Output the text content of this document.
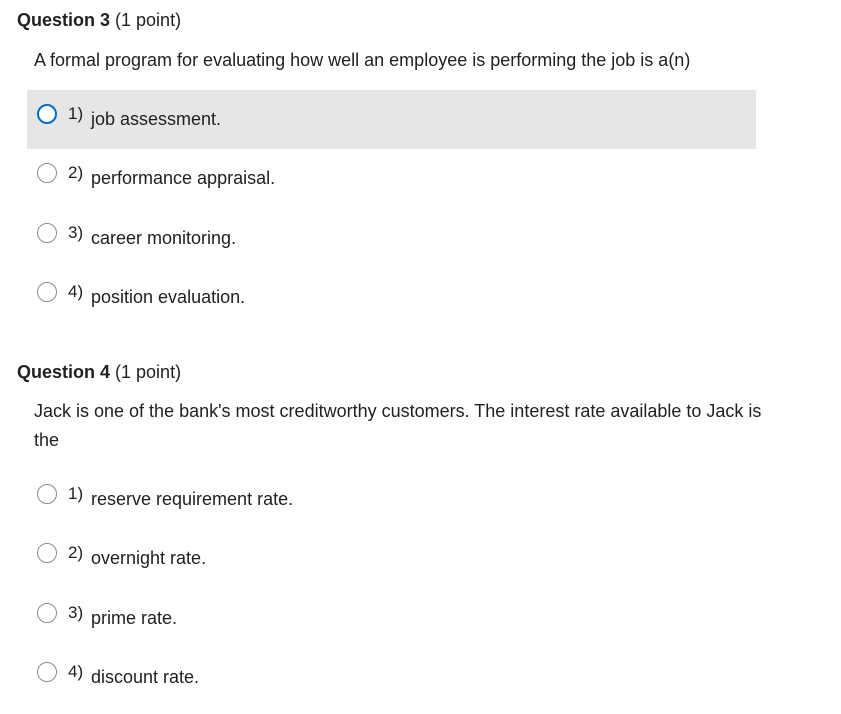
Question 3 (1 point)
A formal program for evaluating how well an employee is performing the job is a(n)
1) job assessment.
2) performance appraisal.
3) career monitoring.
4) position evaluation.
Question 4 (1 point)
Jack is one of the bank's most creditworthy customers. The interest rate available to Jack is the
1) reserve requirement rate.
2) overnight rate.
3) prime rate.
4) discount rate.
